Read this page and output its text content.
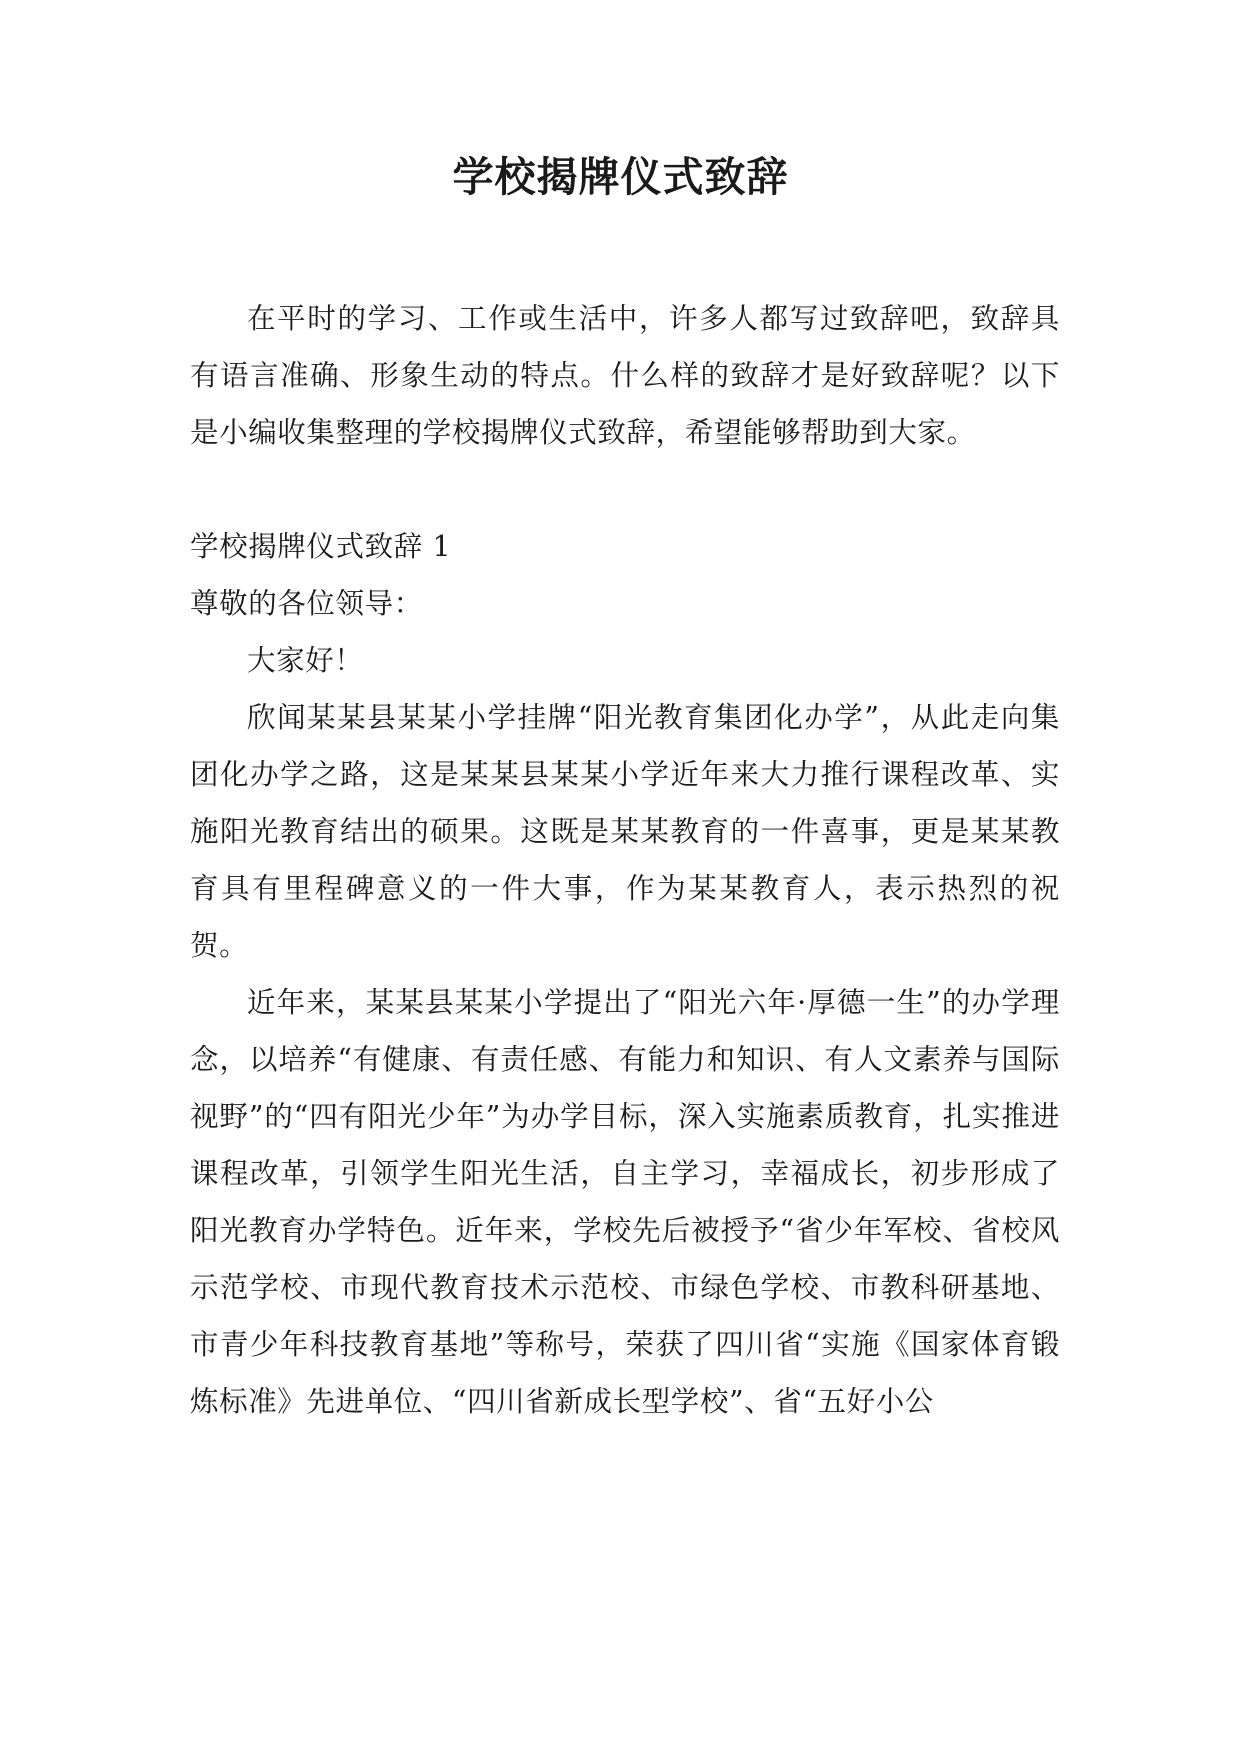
学校揭牌仪式致辞

在平时的学习、工作或生活中，许多人都写过致辞吧，致辞具有语言准确、形象生动的特点。什么样的致辞才是好致辞呢？以下是小编收集整理的学校揭牌仪式致辞，希望能够帮助到大家。

学校揭牌仪式致辞 1

尊敬的各位领导：

大家好！

欣闻某某县某某小学挂牌“阳光教育集团化办学”，从此走向集团化办学之路，这是某某县某某小学近年来大力推行课程改革、实施阳光教育结出的硕果。这既是某某教育的一件喜事，更是某某教育具有里程碑意义的一件大事，作为某某教育人，表示热烈的祝贺。

近年来，某某县某某小学提出了“阳光六年·厚德一生”的办学理念，以培养“有健康、有责任感、有能力和知识、有人文素养与国际视野”的“四有阳光少年”为办学目标，深入实施素质教育，扎实推进课程改革，引领学生阳光生活，自主学习，幸福成长，初步形成了阳光教育办学特色。近年来，学校先后被授予“省少年军校、省校风示范学校、市现代教育技术示范校、市绿色学校、市教科研基地、市青少年科技教育基地”等称号，荣获了四川省“实施《国家体育锻炼标准》先进单位、“四川省新成长型学校”、省“五好小公
